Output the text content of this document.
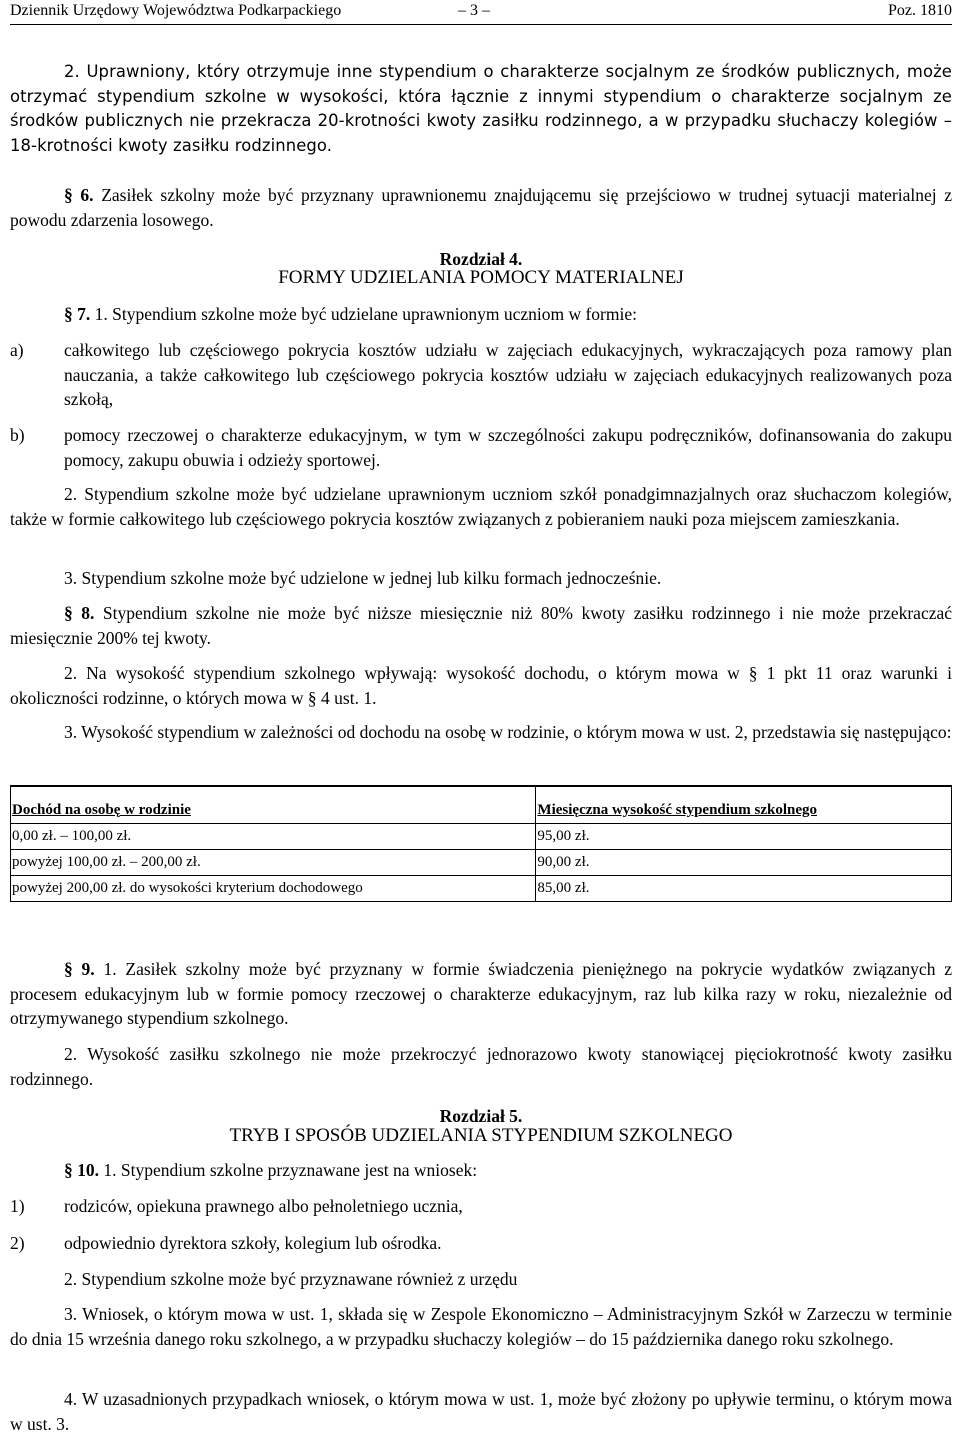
Dziennik Urzędowy Województwa Podkarpackiego	– 3 –	Poz. 1810
2. Uprawniony, który otrzymuje inne stypendium o charakterze socjalnym ze środków publicznych, może otrzymać stypendium szkolne w wysokości, która łącznie z innymi stypendium o charakterze socjalnym ze środków publicznych nie przekracza 20-krotności kwoty zasiłku rodzinnego, a w przypadku słuchaczy kolegiów – 18-krotności kwoty zasiłku rodzinnego.
§ 6. Zasiłek szkolny może być przyznany uprawnionemu znajdującemu się przejściowo w trudnej sytuacji materialnej z powodu zdarzenia losowego.
Rozdział 4.
FORMY UDZIELANIA POMOCY MATERIALNEJ
§ 7. 1. Stypendium szkolne może być udzielane uprawnionym uczniom w formie:
a) całkowitego lub częściowego pokrycia kosztów udziału w zajęciach edukacyjnych, wykraczających poza ramowy plan nauczania, a także całkowitego lub częściowego pokrycia kosztów udziału w zajęciach edukacyjnych realizowanych poza szkołą,
b) pomocy rzeczowej o charakterze edukacyjnym, w tym w szczególności zakupu podręczników, dofinansowania do zakupu pomocy, zakupu obuwia i odzieży sportowej.
2. Stypendium szkolne może być udzielane uprawnionym uczniom szkół ponadgimnazjalnych oraz słuchaczom kolegiów, także w formie całkowitego lub częściowego pokrycia kosztów związanych z pobieraniem nauki poza miejscem zamieszkania.
3. Stypendium szkolne może być udzielone w jednej lub kilku formach jednocześnie.
§ 8. Stypendium szkolne nie może być niższe miesięcznie niż 80% kwoty zasiłku rodzinnego i nie może przekraczać miesięcznie 200% tej kwoty.
2. Na wysokość stypendium szkolnego wpływają: wysokość dochodu, o którym mowa w § 1 pkt 11 oraz warunki i okoliczności rodzinne, o których mowa w § 4 ust. 1.
3. Wysokość stypendium w zależności od dochodu na osobę w rodzinie, o którym mowa w ust. 2, przedstawia się następująco:
Dochód na osobę w rodzinie	Miesięczna wysokość stypendium szkolnego
0,00 zł. – 100,00 zł.	95,00 zł.
powyżej 100,00 zł. – 200,00 zł.	90,00 zł.
powyżej 200,00 zł. do wysokości kryterium dochodowego	85,00 zł.
§ 9. 1. Zasiłek szkolny może być przyznany w formie świadczenia pieniężnego na pokrycie wydatków związanych z procesem edukacyjnym lub w formie pomocy rzeczowej o charakterze edukacyjnym, raz lub kilka razy w roku, niezależnie od otrzymywanego stypendium szkolnego.
2. Wysokość zasiłku szkolnego nie może przekroczyć jednorazowo kwoty stanowiącej pięciokrotność kwoty zasiłku rodzinnego.
Rozdział 5.
TRYB I SPOSÓB UDZIELANIA STYPENDIUM SZKOLNEGO
§ 10. 1. Stypendium szkolne przyznawane jest na wniosek:
1) rodziców, opiekuna prawnego albo pełnoletniego ucznia,
2) odpowiednio dyrektora szkoły, kolegium lub ośrodka.
2. Stypendium szkolne może być przyznawane również z urzędu
3. Wniosek, o którym mowa w ust. 1, składa się w Zespole Ekonomiczno – Administracyjnym Szkół w Zarzeczu w terminie do dnia 15 września danego roku szkolnego, a w przypadku słuchaczy kolegiów – do 15 października danego roku szkolnego.
4. W uzasadnionych przypadkach wniosek, o którym mowa w ust. 1, może być złożony po upływie terminu, o którym mowa w ust. 3.
